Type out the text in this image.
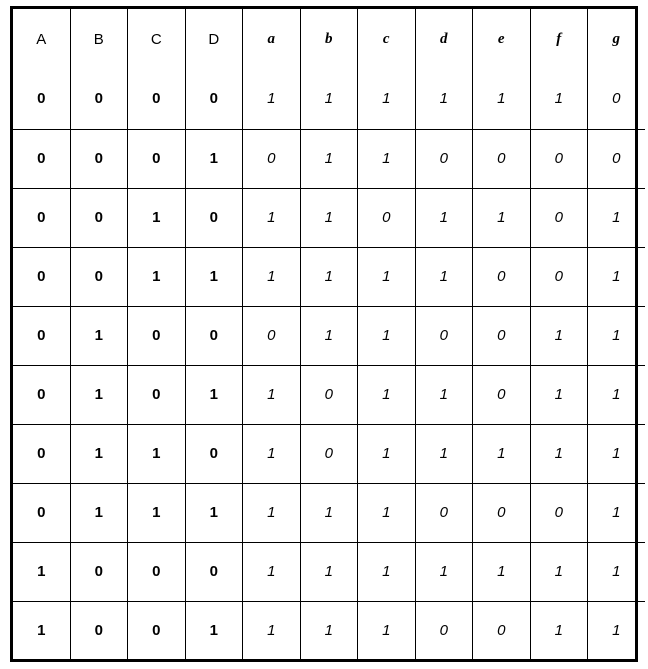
A	B	C	D	a	b	c	d	e	f	g
0	0	0	0	1	1	1	1	1	1	0
0	0	0	1	0	1	1	0	0	0	0
0	0	1	0	1	1	0	1	1	0	1
0	0	1	1	1	1	1	1	0	0	1
0	1	0	0	0	1	1	0	0	1	1
0	1	0	1	1	0	1	1	0	1	1
0	1	1	0	1	0	1	1	1	1	1
0	1	1	1	1	1	1	0	0	0	1
1	0	0	0	1	1	1	1	1	1	1
1	0	0	1	1	1	1	0	0	1	1
